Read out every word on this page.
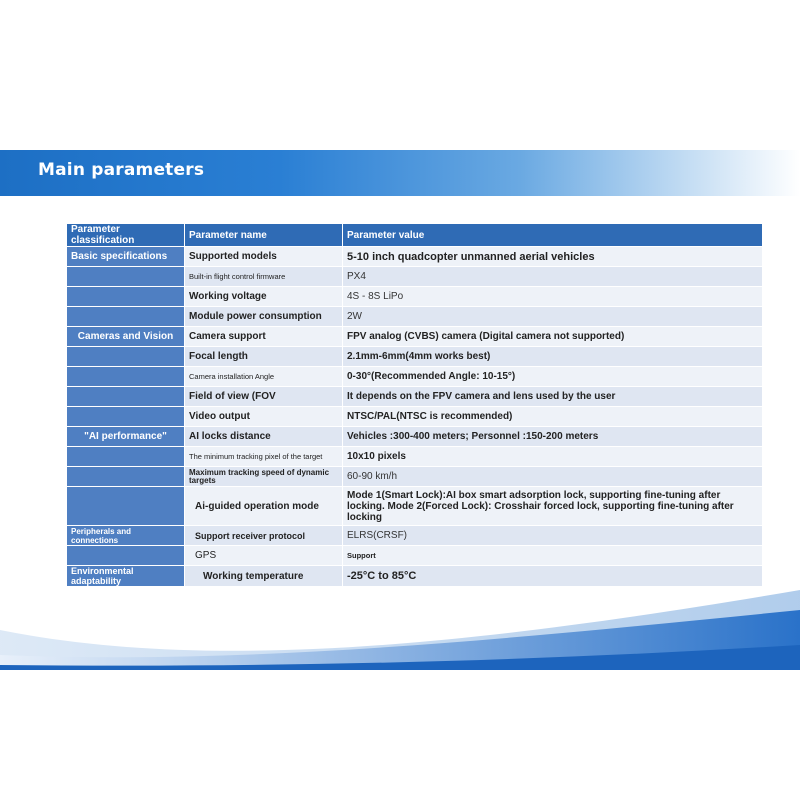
Main parameters
Parameter classification	Parameter name	Parameter value
Basic specifications	Supported models	5-10 inch quadcopter unmanned aerial vehicles
	Built-in flight control firmware	PX4
	Working voltage	4S - 8S LiPo
	Module power consumption	2W
Cameras and Vision	Camera support	FPV analog (CVBS) camera (Digital camera not supported)
	Focal length	2.1mm-6mm(4mm works best)
	Camera installation Angle	0-30°(Recommended Angle: 10-15°)
	Field of view (FOV	It depends on the FPV camera and lens used by the user
	Video output	NTSC/PAL(NTSC is recommended)
"AI performance"	AI locks distance	Vehicles :300-400 meters; Personnel :150-200 meters
	The minimum tracking pixel of the target	10x10 pixels
	Maximum tracking speed of dynamic targets	60-90 km/h
	Ai-guided operation mode	Mode 1(Smart Lock):AI box smart adsorption lock, supporting fine-tuning after locking. Mode 2(Forced Lock): Crosshair forced lock, supporting fine-tuning after locking
Peripherals and connections	Support receiver protocol	ELRS(CRSF)
	GPS	Support
Environmental adaptability	Working temperature	-25°C to 85°C
